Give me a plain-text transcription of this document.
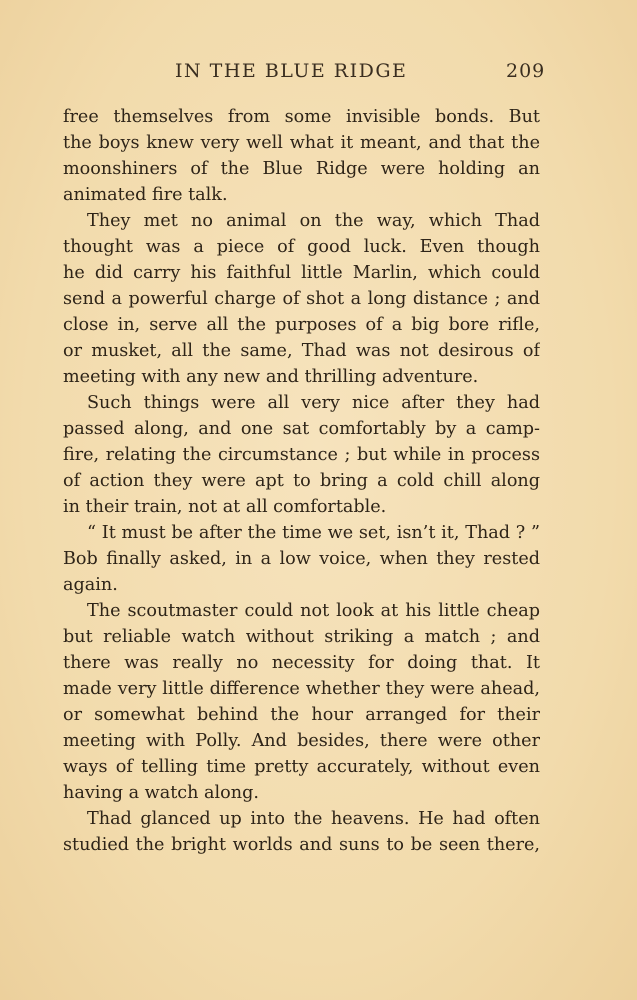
IN THE BLUE RIDGE	209
free themselves from some invisible bonds. But
the boys knew very well what it meant, and that the
moonshiners of the Blue Ridge were holding an
animated fire talk.
They met no animal on the way, which Thad
thought was a piece of good luck. Even though
he did carry his faithful little Marlin, which could
send a powerful charge of shot a long distance ; and
close in, serve all the purposes of a big bore rifle,
or musket, all the same, Thad was not desirous of
meeting with any new and thrilling adventure.
Such things were all very nice after they had
passed along, and one sat comfortably by a camp-
fire, relating the circumstance ; but while in process
of action they were apt to bring a cold chill along
in their train, not at all comfortable.
“ It must be after the time we set, isn’t it, Thad ? ”
Bob finally asked, in a low voice, when they rested
again.
The scoutmaster could not look at his little cheap
but reliable watch without striking a match ; and
there was really no necessity for doing that. It
made very little difference whether they were ahead,
or somewhat behind the hour arranged for their
meeting with Polly. And besides, there were other
ways of telling time pretty accurately, without even
having a watch along.
Thad glanced up into the heavens. He had often
studied the bright worlds and suns to be seen there,
